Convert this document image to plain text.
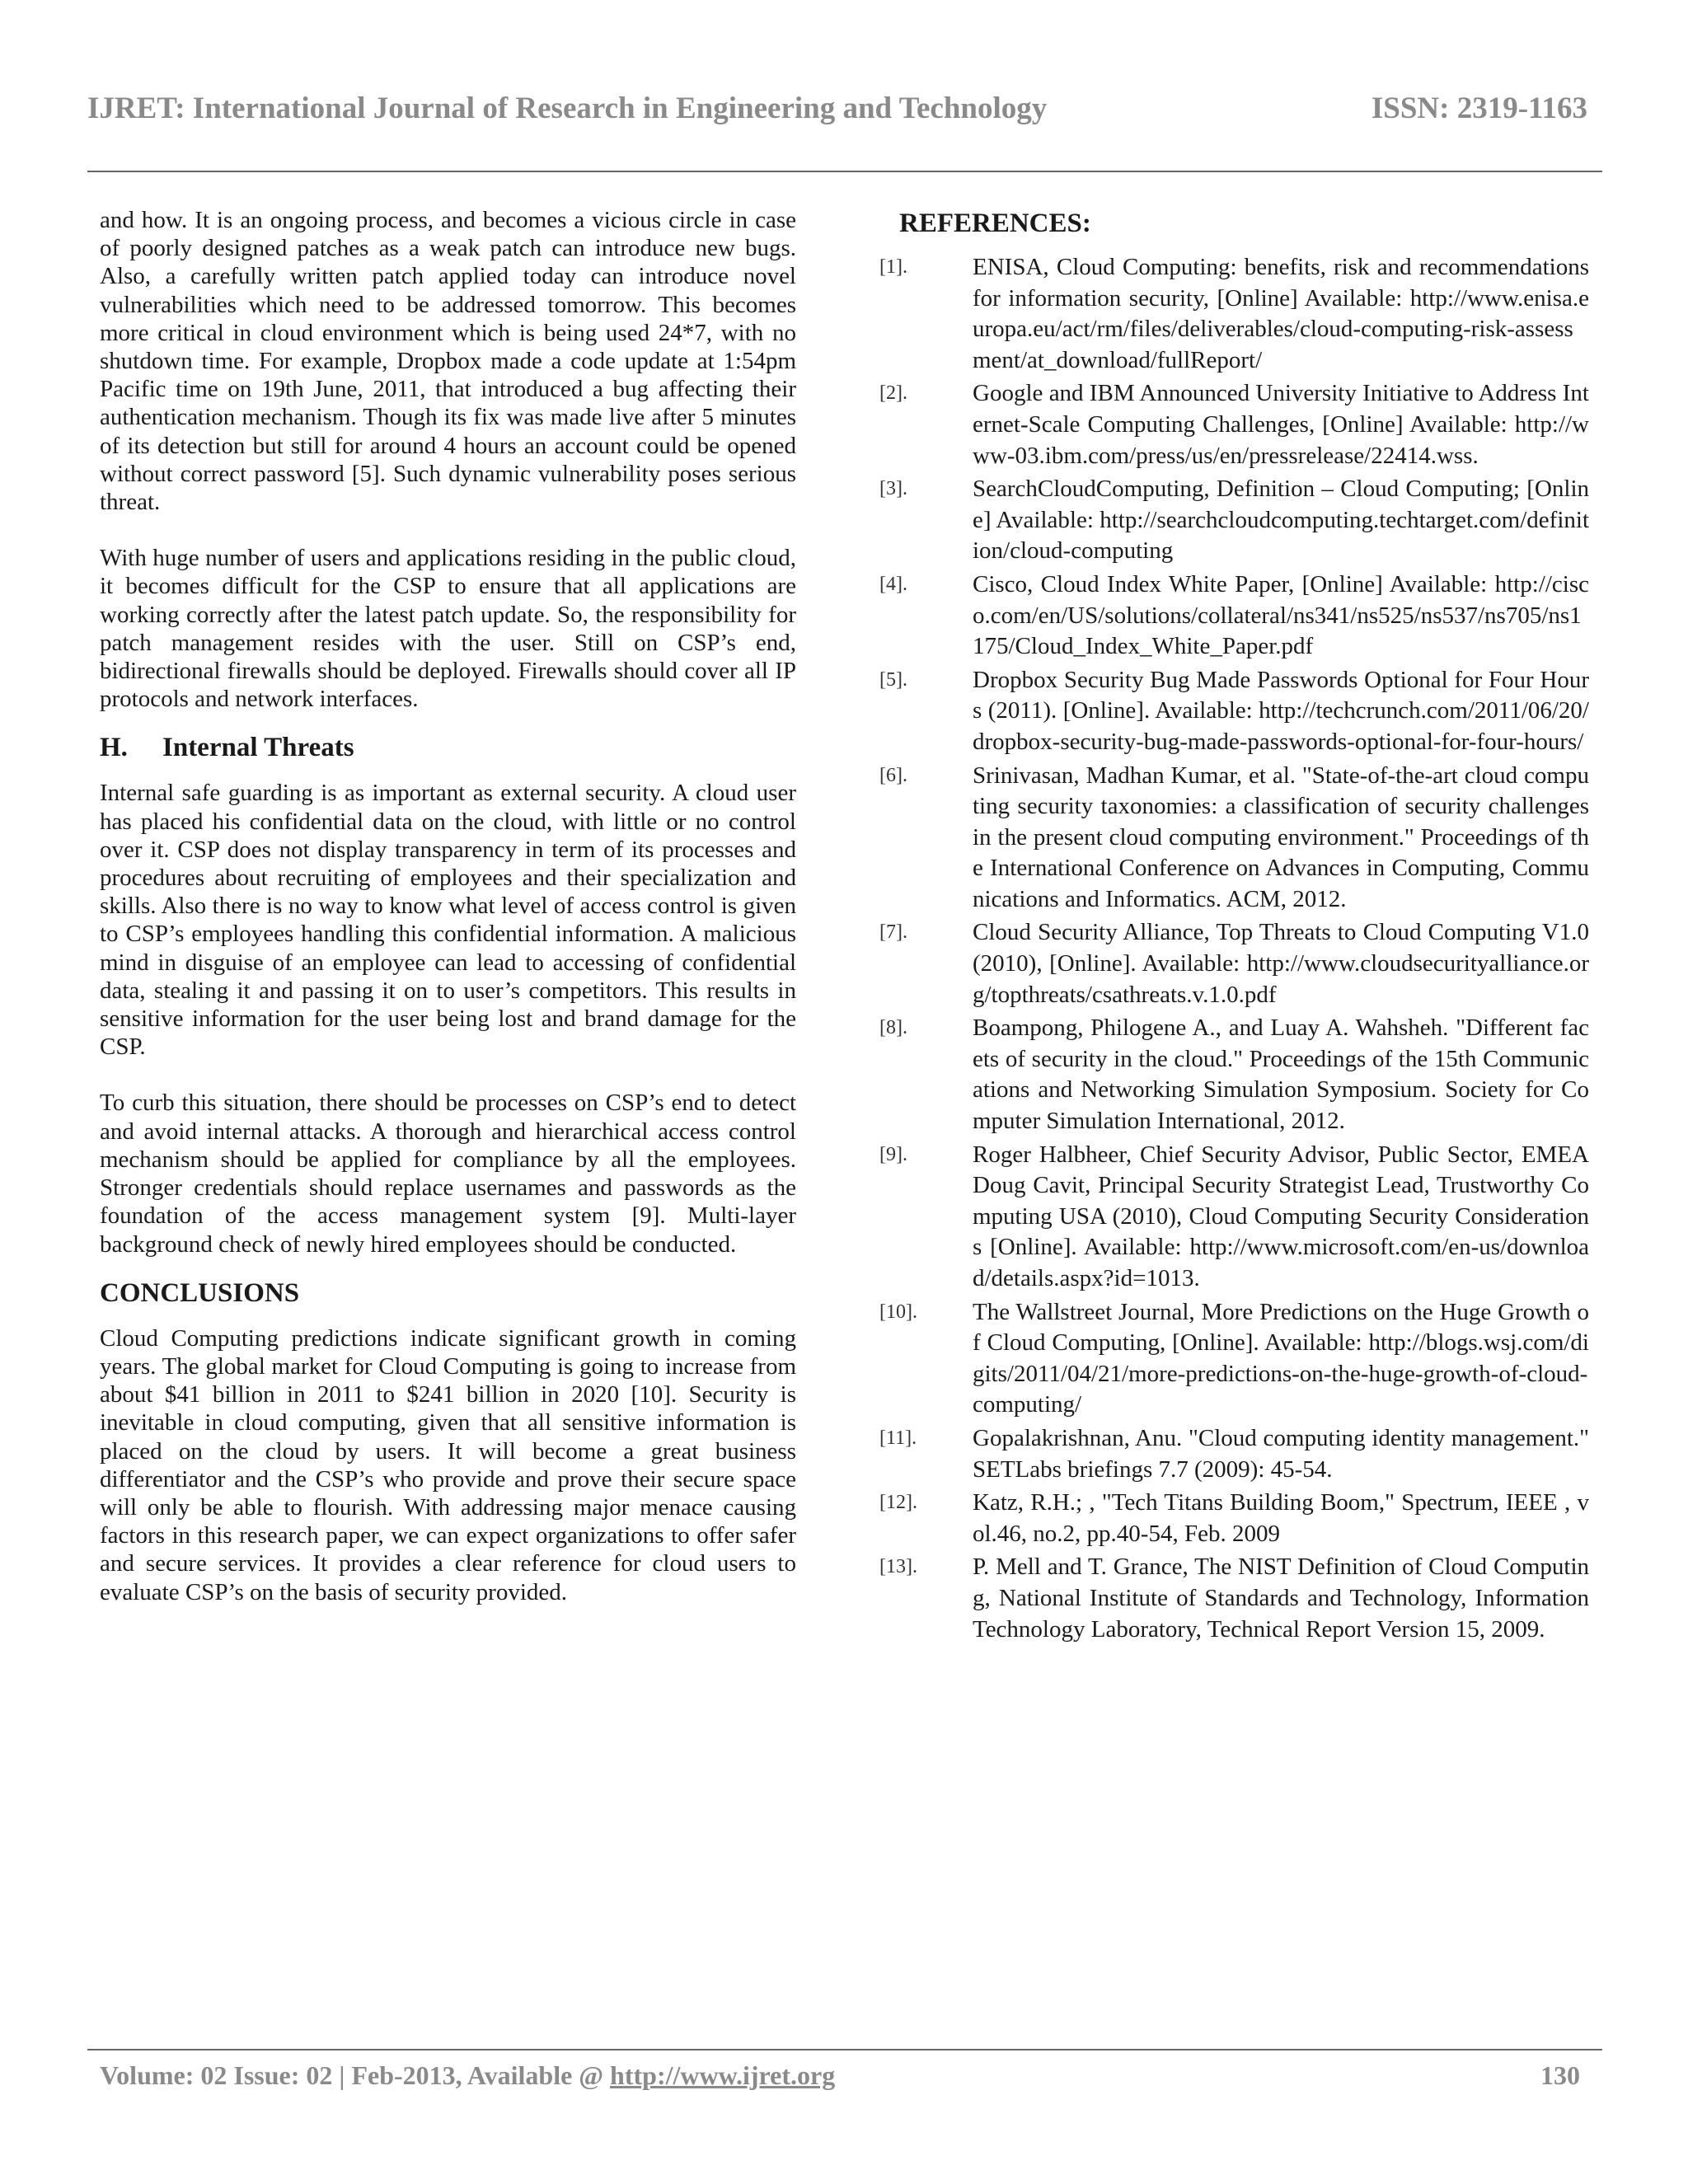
IJRET: International Journal of Research in Engineering and Technology	ISSN: 2319-1163

and how. It is an ongoing process, and becomes a vicious circle in case of poorly designed patches as a weak patch can introduce new bugs. Also, a carefully written patch applied today can introduce novel vulnerabilities which need to be addressed tomorrow. This becomes more critical in cloud environment which is being used 24*7, with no shutdown time. For example, Dropbox made a code update at 1:54pm Pacific time on 19th June, 2011, that introduced a bug affecting their authentication mechanism. Though its fix was made live after 5 minutes of its detection but still for around 4 hours an account could be opened without correct password [5]. Such dynamic vulnerability poses serious threat.

With huge number of users and applications residing in the public cloud, it becomes difficult for the CSP to ensure that all applications are working correctly after the latest patch update. So, the responsibility for patch management resides with the user. Still on CSP’s end, bidirectional firewalls should be deployed. Firewalls should cover all IP protocols and network interfaces.

H. Internal Threats

Internal safe guarding is as important as external security. A cloud user has placed his confidential data on the cloud, with little or no control over it. CSP does not display transparency in term of its processes and procedures about recruiting of employees and their specialization and skills. Also there is no way to know what level of access control is given to CSP’s employees handling this confidential information. A malicious mind in disguise of an employee can lead to accessing of confidential data, stealing it and passing it on to user’s competitors. This results in sensitive information for the user being lost and brand damage for the CSP.

To curb this situation, there should be processes on CSP’s end to detect and avoid internal attacks. A thorough and hierarchical access control mechanism should be applied for compliance by all the employees. Stronger credentials should replace usernames and passwords as the foundation of the access management system [9]. Multi-layer background check of newly hired employees should be conducted.

CONCLUSIONS

Cloud Computing predictions indicate significant growth in coming years. The global market for Cloud Computing is going to increase from about $41 billion in 2011 to $241 billion in 2020 [10]. Security is inevitable in cloud computing, given that all sensitive information is placed on the cloud by users. It will become a great business differentiator and the CSP’s who provide and prove their secure space will only be able to flourish. With addressing major menace causing factors in this research paper, we can expect organizations to offer safer and secure services. It provides a clear reference for cloud users to evaluate CSP’s on the basis of security provided.

REFERENCES:
[1].	ENISA, Cloud Computing: benefits, risk and recommendations for information security, [Online] Available: http://www.enisa.europa.eu/act/rm/files/deliverables/cloud-computing-risk-assessment/at_download/fullReport/
[2].	Google and IBM Announced University Initiative to Address Internet-Scale Computing Challenges, [Online] Available: http://www-03.ibm.com/press/us/en/pressrelease/22414.wss.
[3].	SearchCloudComputing, Definition – Cloud Computing; [Online] Available: http://searchcloudcomputing.techtarget.com/definition/cloud-computing
[4].	Cisco, Cloud Index White Paper, [Online] Available: http://cisco.com/en/US/solutions/collateral/ns341/ns525/ns537/ns705/ns1175/Cloud_Index_White_Paper.pdf
[5].	Dropbox Security Bug Made Passwords Optional for Four Hours (2011). [Online]. Available: http://techcrunch.com/2011/06/20/dropbox-security-bug-made-passwords-optional-for-four-hours/
[6].	Srinivasan, Madhan Kumar, et al. "State-of-the-art cloud computing security taxonomies: a classification of security challenges in the present cloud computing environment." Proceedings of the International Conference on Advances in Computing, Communications and Informatics. ACM, 2012.
[7].	Cloud Security Alliance, Top Threats to Cloud Computing V1.0 (2010), [Online]. Available: http://www.cloudsecurityalliance.org/topthreats/csathreats.v.1.0.pdf
[8].	Boampong, Philogene A., and Luay A. Wahsheh. "Different facets of security in the cloud." Proceedings of the 15th Communications and Networking Simulation Symposium. Society for Computer Simulation International, 2012.
[9].	Roger Halbheer, Chief Security Advisor, Public Sector, EMEA Doug Cavit, Principal Security Strategist Lead, Trustworthy Computing USA (2010), Cloud Computing Security Considerations [Online]. Available: http://www.microsoft.com/en-us/download/details.aspx?id=1013.
[10].	The Wallstreet Journal, More Predictions on the Huge Growth of Cloud Computing, [Online]. Available: http://blogs.wsj.com/digits/2011/04/21/more-predictions-on-the-huge-growth-of-cloud-computing/
[11].	Gopalakrishnan, Anu. "Cloud computing identity management." SETLabs briefings 7.7 (2009): 45-54.
[12].	Katz, R.H.; , "Tech Titans Building Boom," Spectrum, IEEE , vol.46, no.2, pp.40-54, Feb. 2009
[13].	P. Mell and T. Grance, The NIST Definition of Cloud Computing, National Institute of Standards and Technology, Information Technology Laboratory, Technical Report Version 15, 2009.
Volume: 02 Issue: 02 | Feb-2013, Available @ http://www.ijret.org	130
